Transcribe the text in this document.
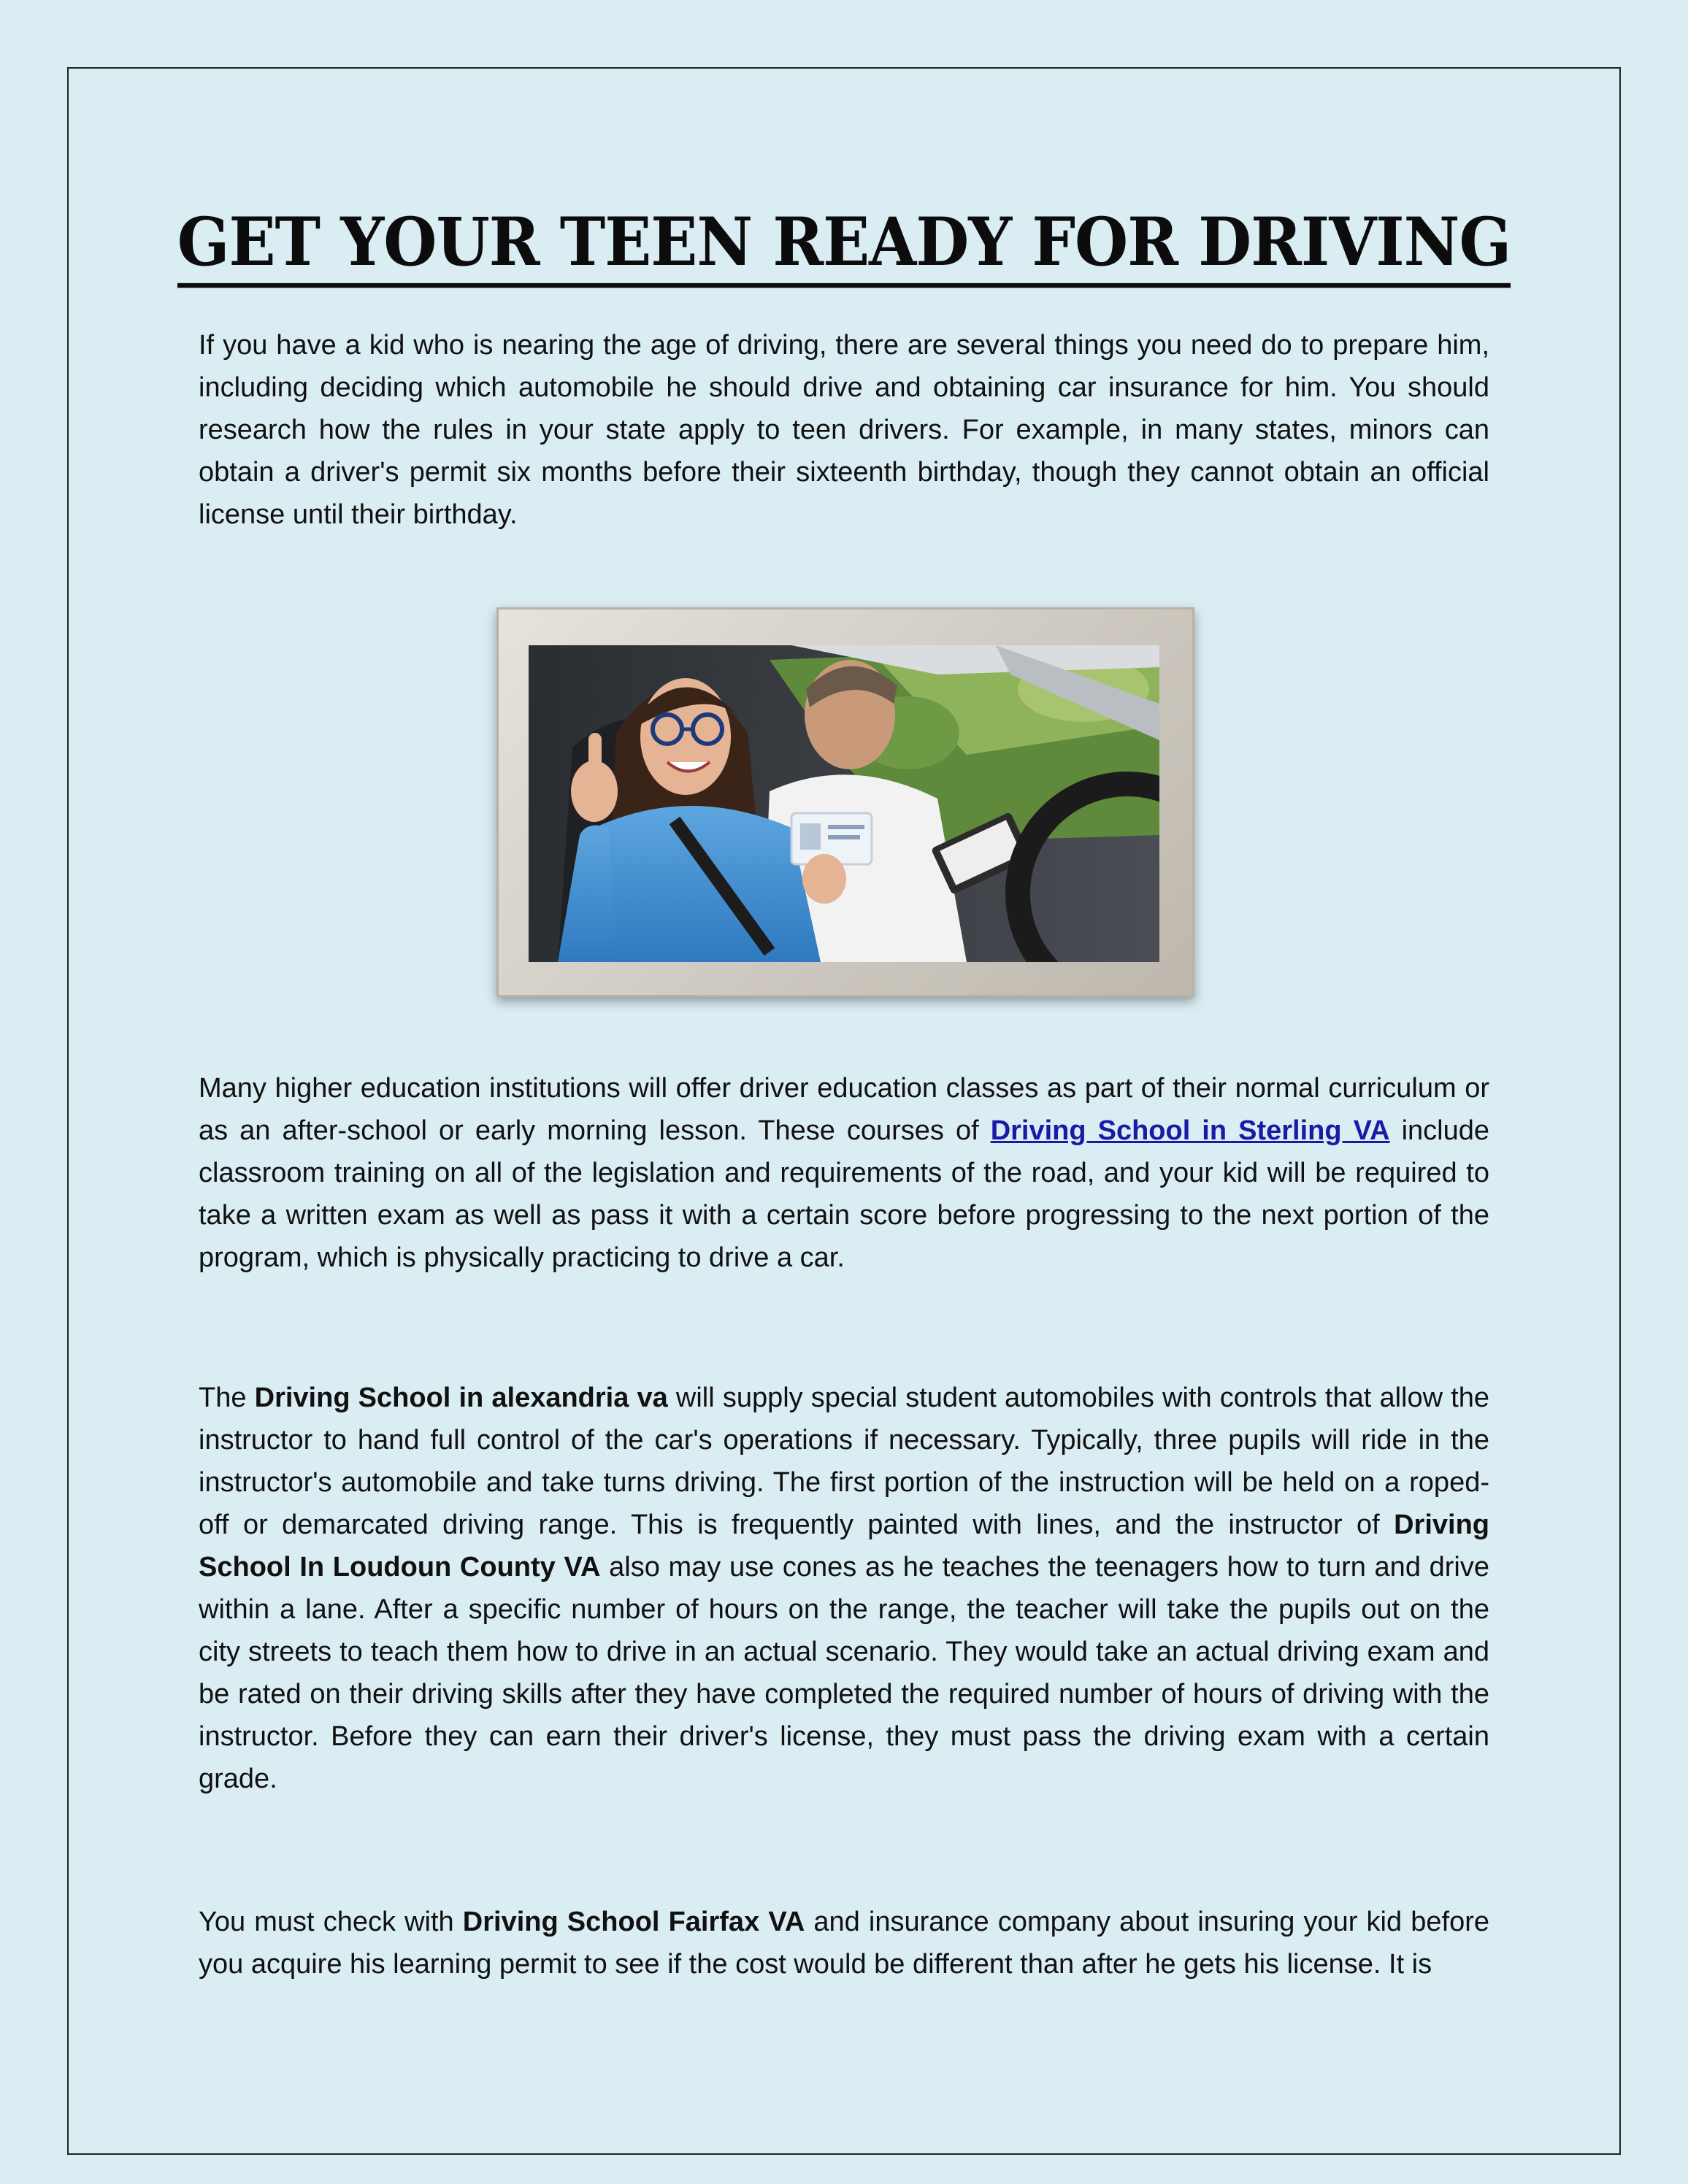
GET YOUR TEEN READY FOR DRIVING

If you have a kid who is nearing the age of driving, there are several things you need do to prepare him, including deciding which automobile he should drive and obtaining car insurance for him. You should research how the rules in your state apply to teen drivers. For example, in many states, minors can obtain a driver's permit six months before their sixteenth birthday, though they cannot obtain an official license until their birthday.

Many higher education institutions will offer driver education classes as part of their normal curriculum or as an after-school or early morning lesson. These courses of Driving School in Sterling VA include classroom training on all of the legislation and requirements of the road, and your kid will be required to take a written exam as well as pass it with a certain score before progressing to the next portion of the program, which is physically practicing to drive a car.

The Driving School in alexandria va will supply special student automobiles with controls that allow the instructor to hand full control of the car's operations if necessary. Typically, three pupils will ride in the instructor's automobile and take turns driving. The first portion of the instruction will be held on a roped-off or demarcated driving range. This is frequently painted with lines, and the instructor of Driving School In Loudoun County VA also may use cones as he teaches the teenagers how to turn and drive within a lane. After a specific number of hours on the range, the teacher will take the pupils out on the city streets to teach them how to drive in an actual scenario. They would take an actual driving exam and be rated on their driving skills after they have completed the required number of hours of driving with the instructor. Before they can earn their driver's license, they must pass the driving exam with a certain grade.

You must check with Driving School Fairfax VA and insurance company about insuring your kid before you acquire his learning permit to see if the cost would be different than after he gets his license. It is
